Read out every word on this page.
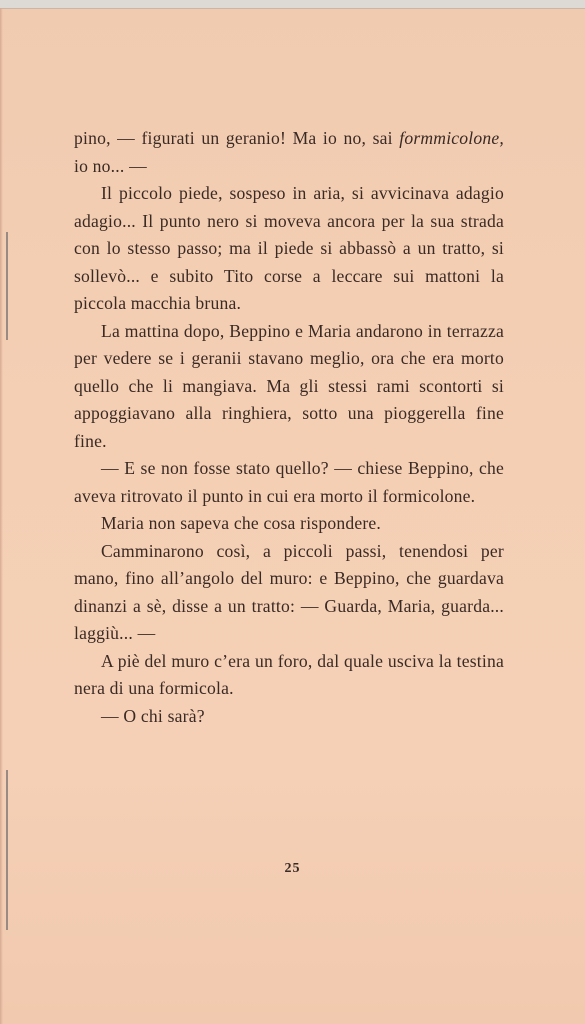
pino, — figurati un geranio! Ma io no, sai formmicolone, io no... —

Il piccolo piede, sospeso in aria, si avvicinava adagio adagio... Il punto nero si moveva ancora per la sua strada con lo stesso passo; ma il piede si abbassò a un tratto, si sollevò... e subito Tito corse a leccare sui mattoni la piccola macchia bruna.

La mattina dopo, Beppino e Maria andarono in terrazza per vedere se i geranii stavano meglio, ora che era morto quello che li mangiava. Ma gli stessi rami scontorti si appoggiavano alla ringhiera, sotto una pioggerella fine fine.

— E se non fosse stato quello? — chiese Beppino, che aveva ritrovato il punto in cui era morto il formicolone.

Maria non sapeva che cosa rispondere.

Camminarono così, a piccoli passi, tenendosi per mano, fino all’angolo del muro: e Beppino, che guardava dinanzi a sè, disse a un tratto: — Guarda, Maria, guarda... laggiù... —

A piè del muro c’era un foro, dal quale usciva la testina nera di una formicola.

— O chi sarà?

25
